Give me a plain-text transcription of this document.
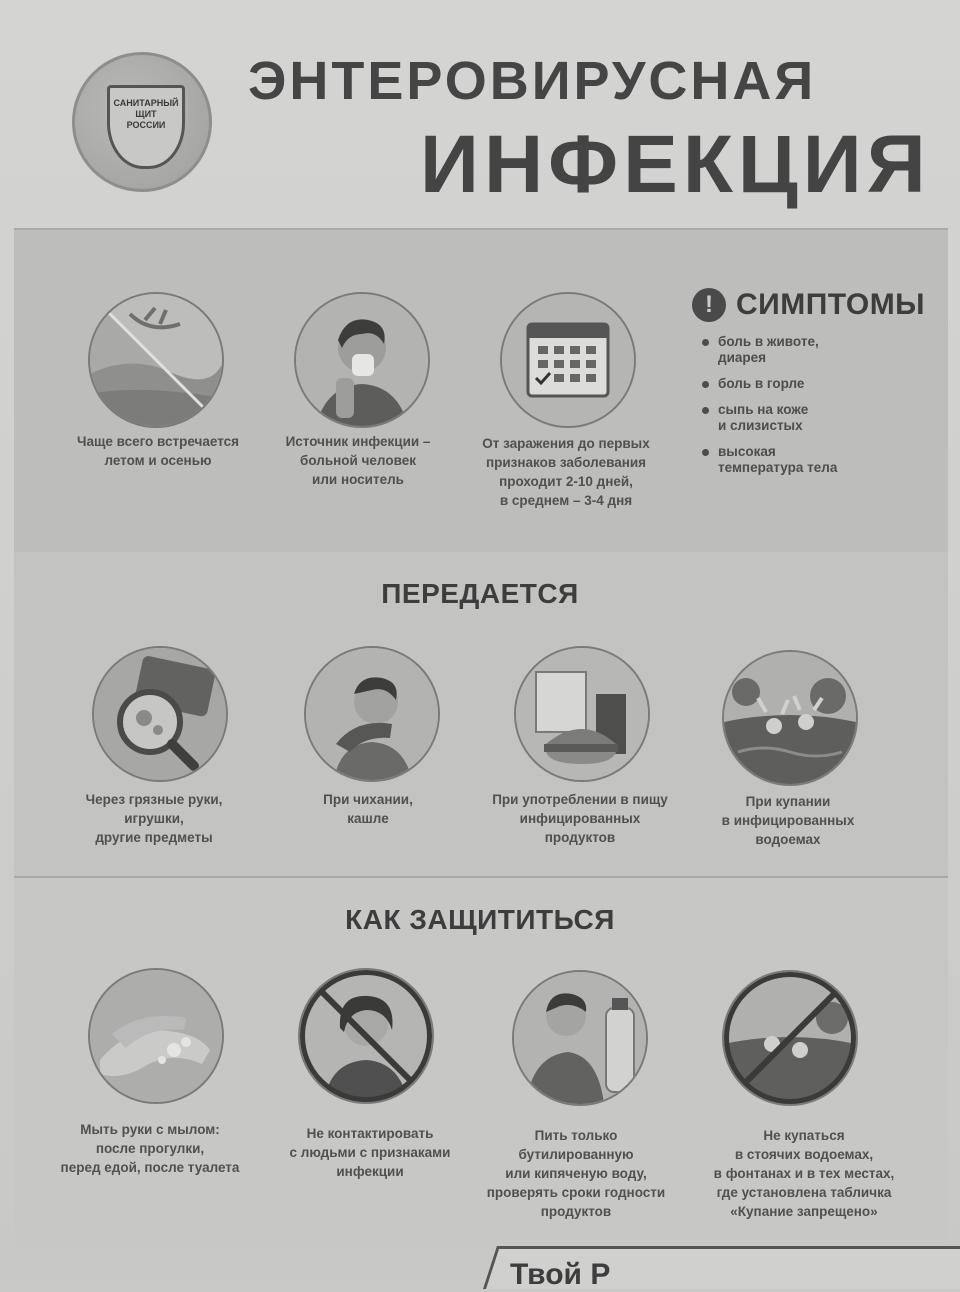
САНИТАРНЫЙ
ЩИТ
РОССИИ
ЭНТЕРОВИРУСНАЯ
ИНФЕКЦИЯ
Чаще всего встречается
летом и осенью
Источник инфекции –
больной человек
или носитель
От заражения до первых
признаков заболевания
проходит 2-10 дней,
в среднем – 3-4 дня
! СИМПТОМЫ
боль в животе,
диарея
боль в горле
сыпь на коже
и слизистых
высокая
температура тела
ПЕРЕДАЕТСЯ
Через грязные руки,
игрушки,
другие предметы
При чихании,
кашле
При употреблении в пищу
инфицированных
продуктов
При купании
в инфицированных
водоемах
КАК ЗАЩИТИТЬСЯ
Мыть руки с мылом:
после прогулки,
перед едой, после туалета
Не контактировать
с людьми с признаками
инфекции
Пить только
бутилированную
или кипяченую воду,
проверять сроки годности
продуктов
Не купаться
в стоячих водоемах,
в фонтанах и в тех местах,
где установлена табличка
«Купание запрещено»
Твой Р
